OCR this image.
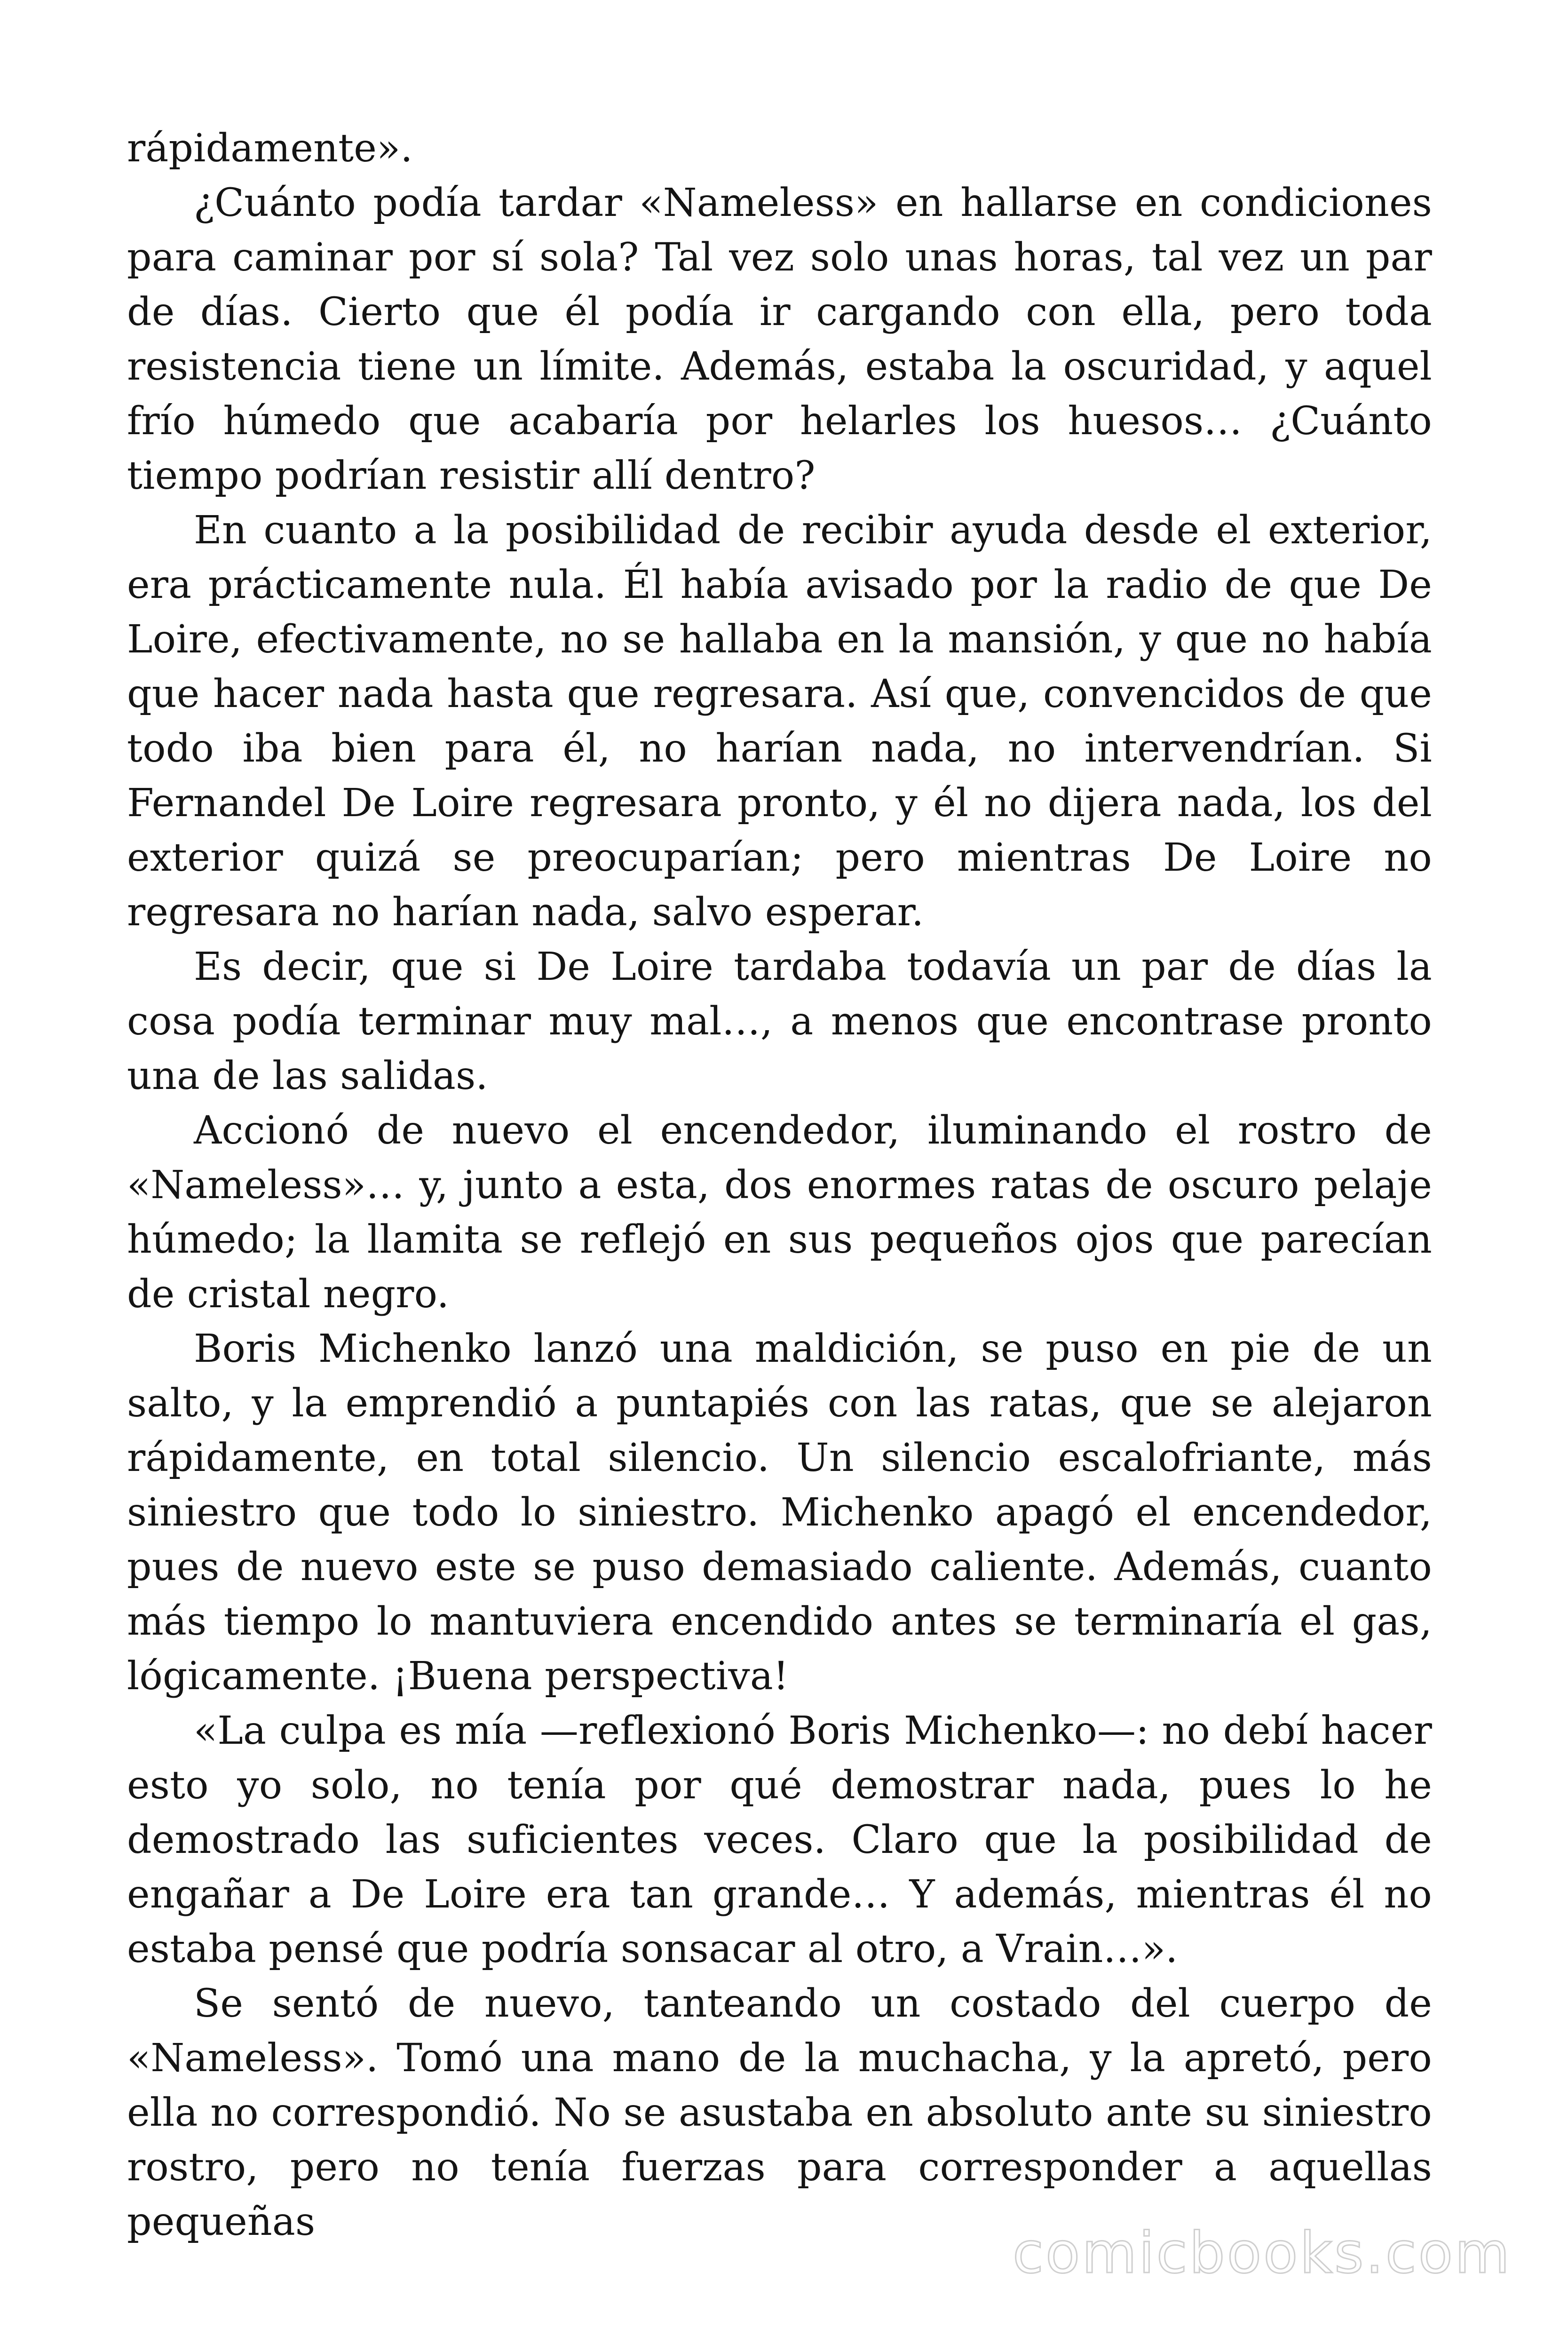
rápidamente».

¿Cuánto podía tardar «Nameless» en hallarse en condiciones para caminar por sí sola? Tal vez solo unas horas, tal vez un par de días. Cierto que él podía ir cargando con ella, pero toda resistencia tiene un límite. Además, estaba la oscuridad, y aquel frío húmedo que acabaría por helarles los huesos… ¿Cuánto tiempo podrían resistir allí dentro?

En cuanto a la posibilidad de recibir ayuda desde el exterior, era prácticamente nula. Él había avisado por la radio de que De Loire, efectivamente, no se hallaba en la mansión, y que no había que hacer nada hasta que regresara. Así que, convencidos de que todo iba bien para él, no harían nada, no intervendrían. Si Fernandel De Loire regresara pronto, y él no dijera nada, los del exterior quizá se preocuparían; pero mientras De Loire no regresara no harían nada, salvo esperar.

Es decir, que si De Loire tardaba todavía un par de días la cosa podía terminar muy mal…, a menos que encontrase pronto una de las salidas.

Accionó de nuevo el encendedor, iluminando el rostro de «Nameless»… y, junto a esta, dos enormes ratas de oscuro pelaje húmedo; la llamita se reflejó en sus pequeños ojos que parecían de cristal negro.

Boris Michenko lanzó una maldición, se puso en pie de un salto, y la emprendió a puntapiés con las ratas, que se alejaron rápidamente, en total silencio. Un silencio escalofriante, más siniestro que todo lo siniestro. Michenko apagó el encendedor, pues de nuevo este se puso demasiado caliente. Además, cuanto más tiempo lo mantuviera encendido antes se terminaría el gas, lógicamente. ¡Buena perspectiva!

«La culpa es mía —reflexionó Boris Michenko—: no debí hacer esto yo solo, no tenía por qué demostrar nada, pues lo he demostrado las suficientes veces. Claro que la posibilidad de engañar a De Loire era tan grande… Y además, mientras él no estaba pensé que podría sonsacar al otro, a Vrain…».

Se sentó de nuevo, tanteando un costado del cuerpo de «Nameless». Tomó una mano de la muchacha, y la apretó, pero ella no correspondió. No se asustaba en absoluto ante su siniestro rostro, pero no tenía fuerzas para corresponder a aquellas pequeñas	comicbooks.com
